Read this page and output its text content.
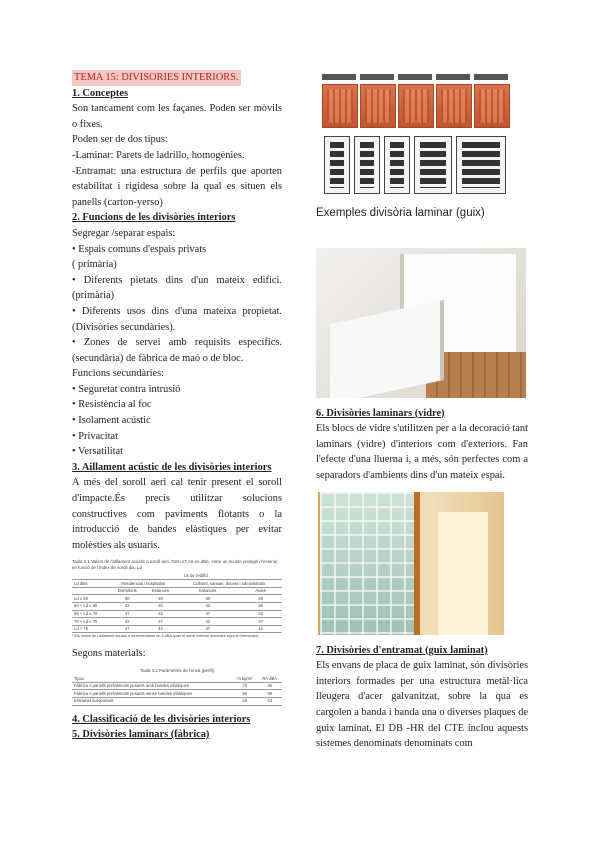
TEMA 15: DIVISORIES INTERIORS.

1. Conceptes

Son tancament com les façanes. Poden ser mòvils o fixes.

Poden ser de dos tipus:

-Laminar: Parets de ladrillo, homogènies.

-Entramat: una estructura de perfils que aporten estabilitat i rigidesa sobre la qual es situen els panells (carton-yerso)

2. Funcions de les divisòries interiors

Segregar /separar espais:

• Espais comuns d'espais privats

( primària)

• Diferents pietats dins d'un mateix edifici.(primària)

• Diferents usos dins d'una mateixa propietat. (Divisòries secundàries).

• Zones de servei amb requisits específics. (secundària) de fàbrica de maó o de bloc.

Funcions secundàries:

• Seguretat contra intrusió

• Resistència al foc

• Isolament acústic

• Privacitat

• Versatilitat

3. Aillament acústic de les divisòries interiors

A més del soroll aeri cal tenir present el soroll d'impacte.És precís utilitzar solucions constructives com paviments flotants o la introducció de bandes elàstiques per evitar molèsties als usuaris.

Taula 2.1 Valors de l'aïllament acústic a soroll aeri, D2m,nT,Atr en dBA, entre un recinte protegit i l'exterior, en funció de l'índex de soroll dia, Ld
	Ús de l'edifici			
Ld dBA	Residencial i hospitalari		Cultural, sanitari, docent i administratiu	
	Dormitoris	Estances	Estances	Aules
Ld ≤ 60	30	30	30	30
60 < Ld ≤ 65	32	30	32	30
65 < Ld ≤ 70	37	32	37	32
70 < Ld ≤ 75	42	37	42	37
Ld > 75	47	42	47	42
* Els valors de l'aïllament acústic s'incrementaran en 4 dBA quan el soroll exterior dominant sigui el d'aeronaus.

Segons materials:

Taula 3.1 Paràmetres de l'envà (perfil)
Tipus	m kg/m²	RA dBA
Fàbrica o panells prefabricats pesants amb bandes elàstiques	70	35
Fàbrica o panells prefabricats pesants sense bandes elàstiques	90	38
Entramat autoportant	25	43

4. Classificació de les divisòries interiors

5. Divisòries laminars (fàbrica)

Exemples divisòria laminar (guix)

6. Divisòries laminars (vidre)

Els blocs de vidre s'utilitzen per a la decoració tant laminars (vidre) d'interiors com d'exteriors. Fan l'efecte d'una lluerna i, a més, són perfectes com a separadors d'ambients dins d'un mateix espai.

7. Divisòries d'entramat (guix laminat)

Els envans de placa de guix laminat, són divisòries interiors formades per una estructura metàl·lica lleugera d'acer galvanitzat, sobre la qua es cargolen a banda i banda una o diverses plaques de guix laminat. El DB -HR del CTE inclou aquests sistemes denominats denominats com
